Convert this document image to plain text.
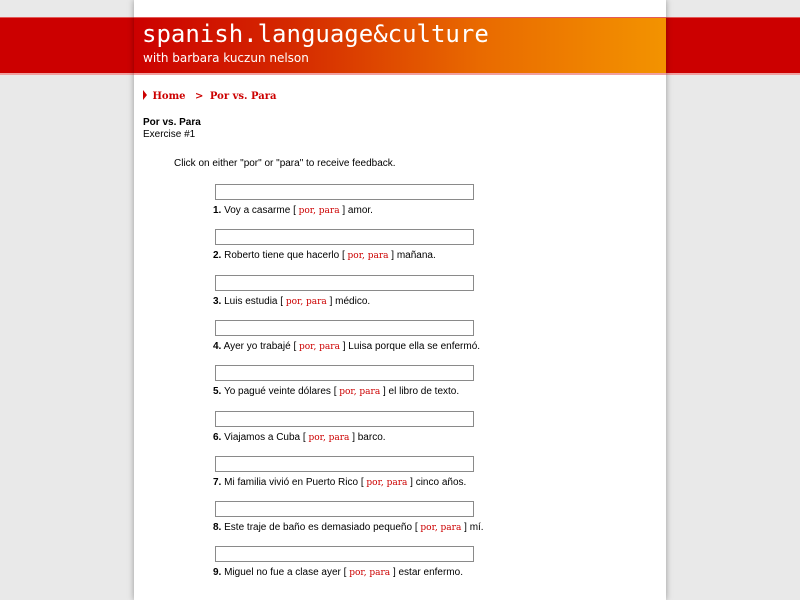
spanish.language&culture
with barbara kuczun nelson
Home > Por vs. Para
Por vs. Para
Exercise #1
Click on either "por" or "para" to receive feedback.
1. Voy a casarme [ por, para ] amor.
2. Roberto tiene que hacerlo [ por, para ] mañana.
3. Luis estudia [ por, para ] médico.
4. Ayer yo trabajé [ por, para ] Luisa porque ella se enfermó.
5. Yo pagué veinte dólares [ por, para ] el libro de texto.
6. Viajamos a Cuba [ por, para ] barco.
7. Mi familia vivió en Puerto Rico [ por, para ] cinco años.
8. Este traje de baño es demasiado pequeño [ por, para ] mí.
9. Miguel no fue a clase ayer [ por, para ] estar enfermo.
